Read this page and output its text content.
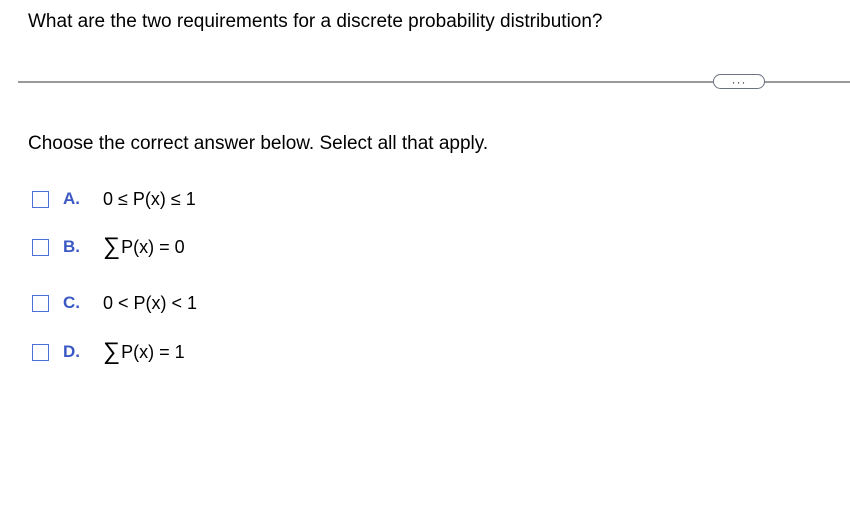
What are the two requirements for a discrete probability distribution?
···
Choose the correct answer below. Select all that apply.
A.	0 ≤ P(x) ≤ 1
B. ∑ P(x) = 0
C.	0 < P(x) < 1
D. ∑ P(x) = 1
